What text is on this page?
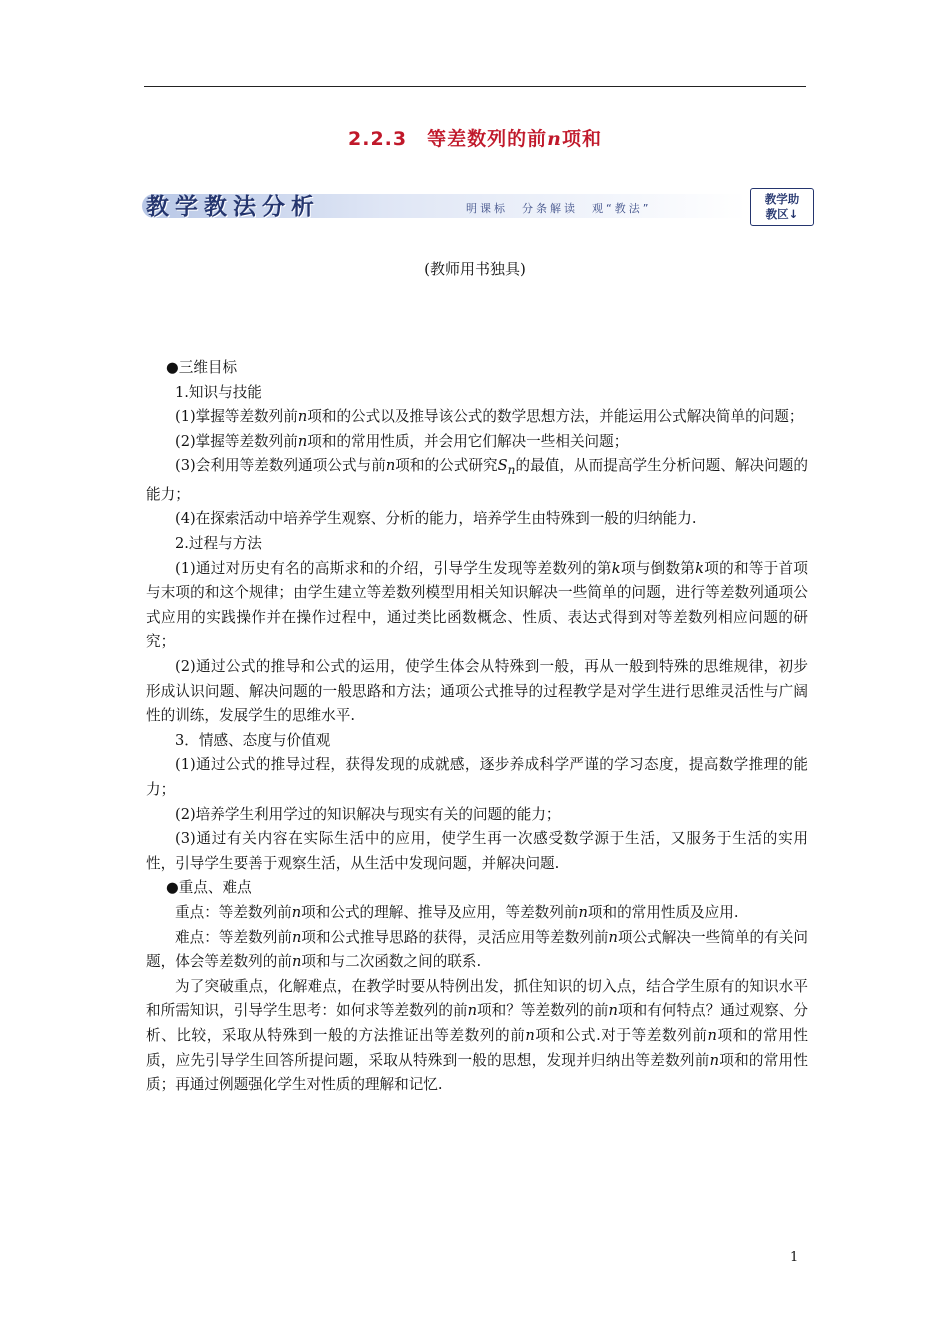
2.2.3　等差数列的前n项和
教学教法分析	明课标　分条解读　观“教法”
教学助
教区↓
(教师用书独具)

●三维目标

1.知识与技能

(1)掌握等差数列前n项和的公式以及推导该公式的数学思想方法，并能运用公式解决简单的问题；

(2)掌握等差数列前n项和的常用性质，并会用它们解决一些相关问题；

(3)会利用等差数列通项公式与前n项和的公式研究$S_n$的最值，从而提高学生分析问题、解决问题的能力；

(4)在探索活动中培养学生观察、分析的能力，培养学生由特殊到一般的归纳能力.

2.过程与方法

(1)通过对历史有名的高斯求和的介绍，引导学生发现等差数列的第k项与倒数第k项的和等于首项与末项的和这个规律；由学生建立等差数列模型用相关知识解决一些简单的问题，进行等差数列通项公式应用的实践操作并在操作过程中，通过类比函数概念、性质、表达式得到对等差数列相应问题的研究；

(2)通过公式的推导和公式的运用，使学生体会从特殊到一般，再从一般到特殊的思维规律，初步形成认识问题、解决问题的一般思路和方法；通项公式推导的过程教学是对学生进行思维灵活性与广阔性的训练，发展学生的思维水平.

3．情感、态度与价值观

(1)通过公式的推导过程，获得发现的成就感，逐步养成科学严谨的学习态度，提高数学推理的能力；

(2)培养学生利用学过的知识解决与现实有关的问题的能力；

(3)通过有关内容在实际生活中的应用，使学生再一次感受数学源于生活，又服务于生活的实用性，引导学生要善于观察生活，从生活中发现问题，并解决问题.

●重点、难点

重点：等差数列前n项和公式的理解、推导及应用，等差数列前n项和的常用性质及应用.

难点：等差数列前n项和公式推导思路的获得，灵活应用等差数列前n项公式解决一些简单的有关问题，体会等差数列的前n项和与二次函数之间的联系.

为了突破重点，化解难点，在教学时要从特例出发，抓住知识的切入点，结合学生原有的知识水平和所需知识，引导学生思考：如何求等差数列的前n项和？等差数列的前n项和有何特点？通过观察、分析、比较，采取从特殊到一般的方法推证出等差数列的前n项和公式.对于等差数列前n项和的常用性质，应先引导学生回答所提问题，采取从特殊到一般的思想，发现并归纳出等差数列前n项和的常用性质；再通过例题强化学生对性质的理解和记忆.

1
